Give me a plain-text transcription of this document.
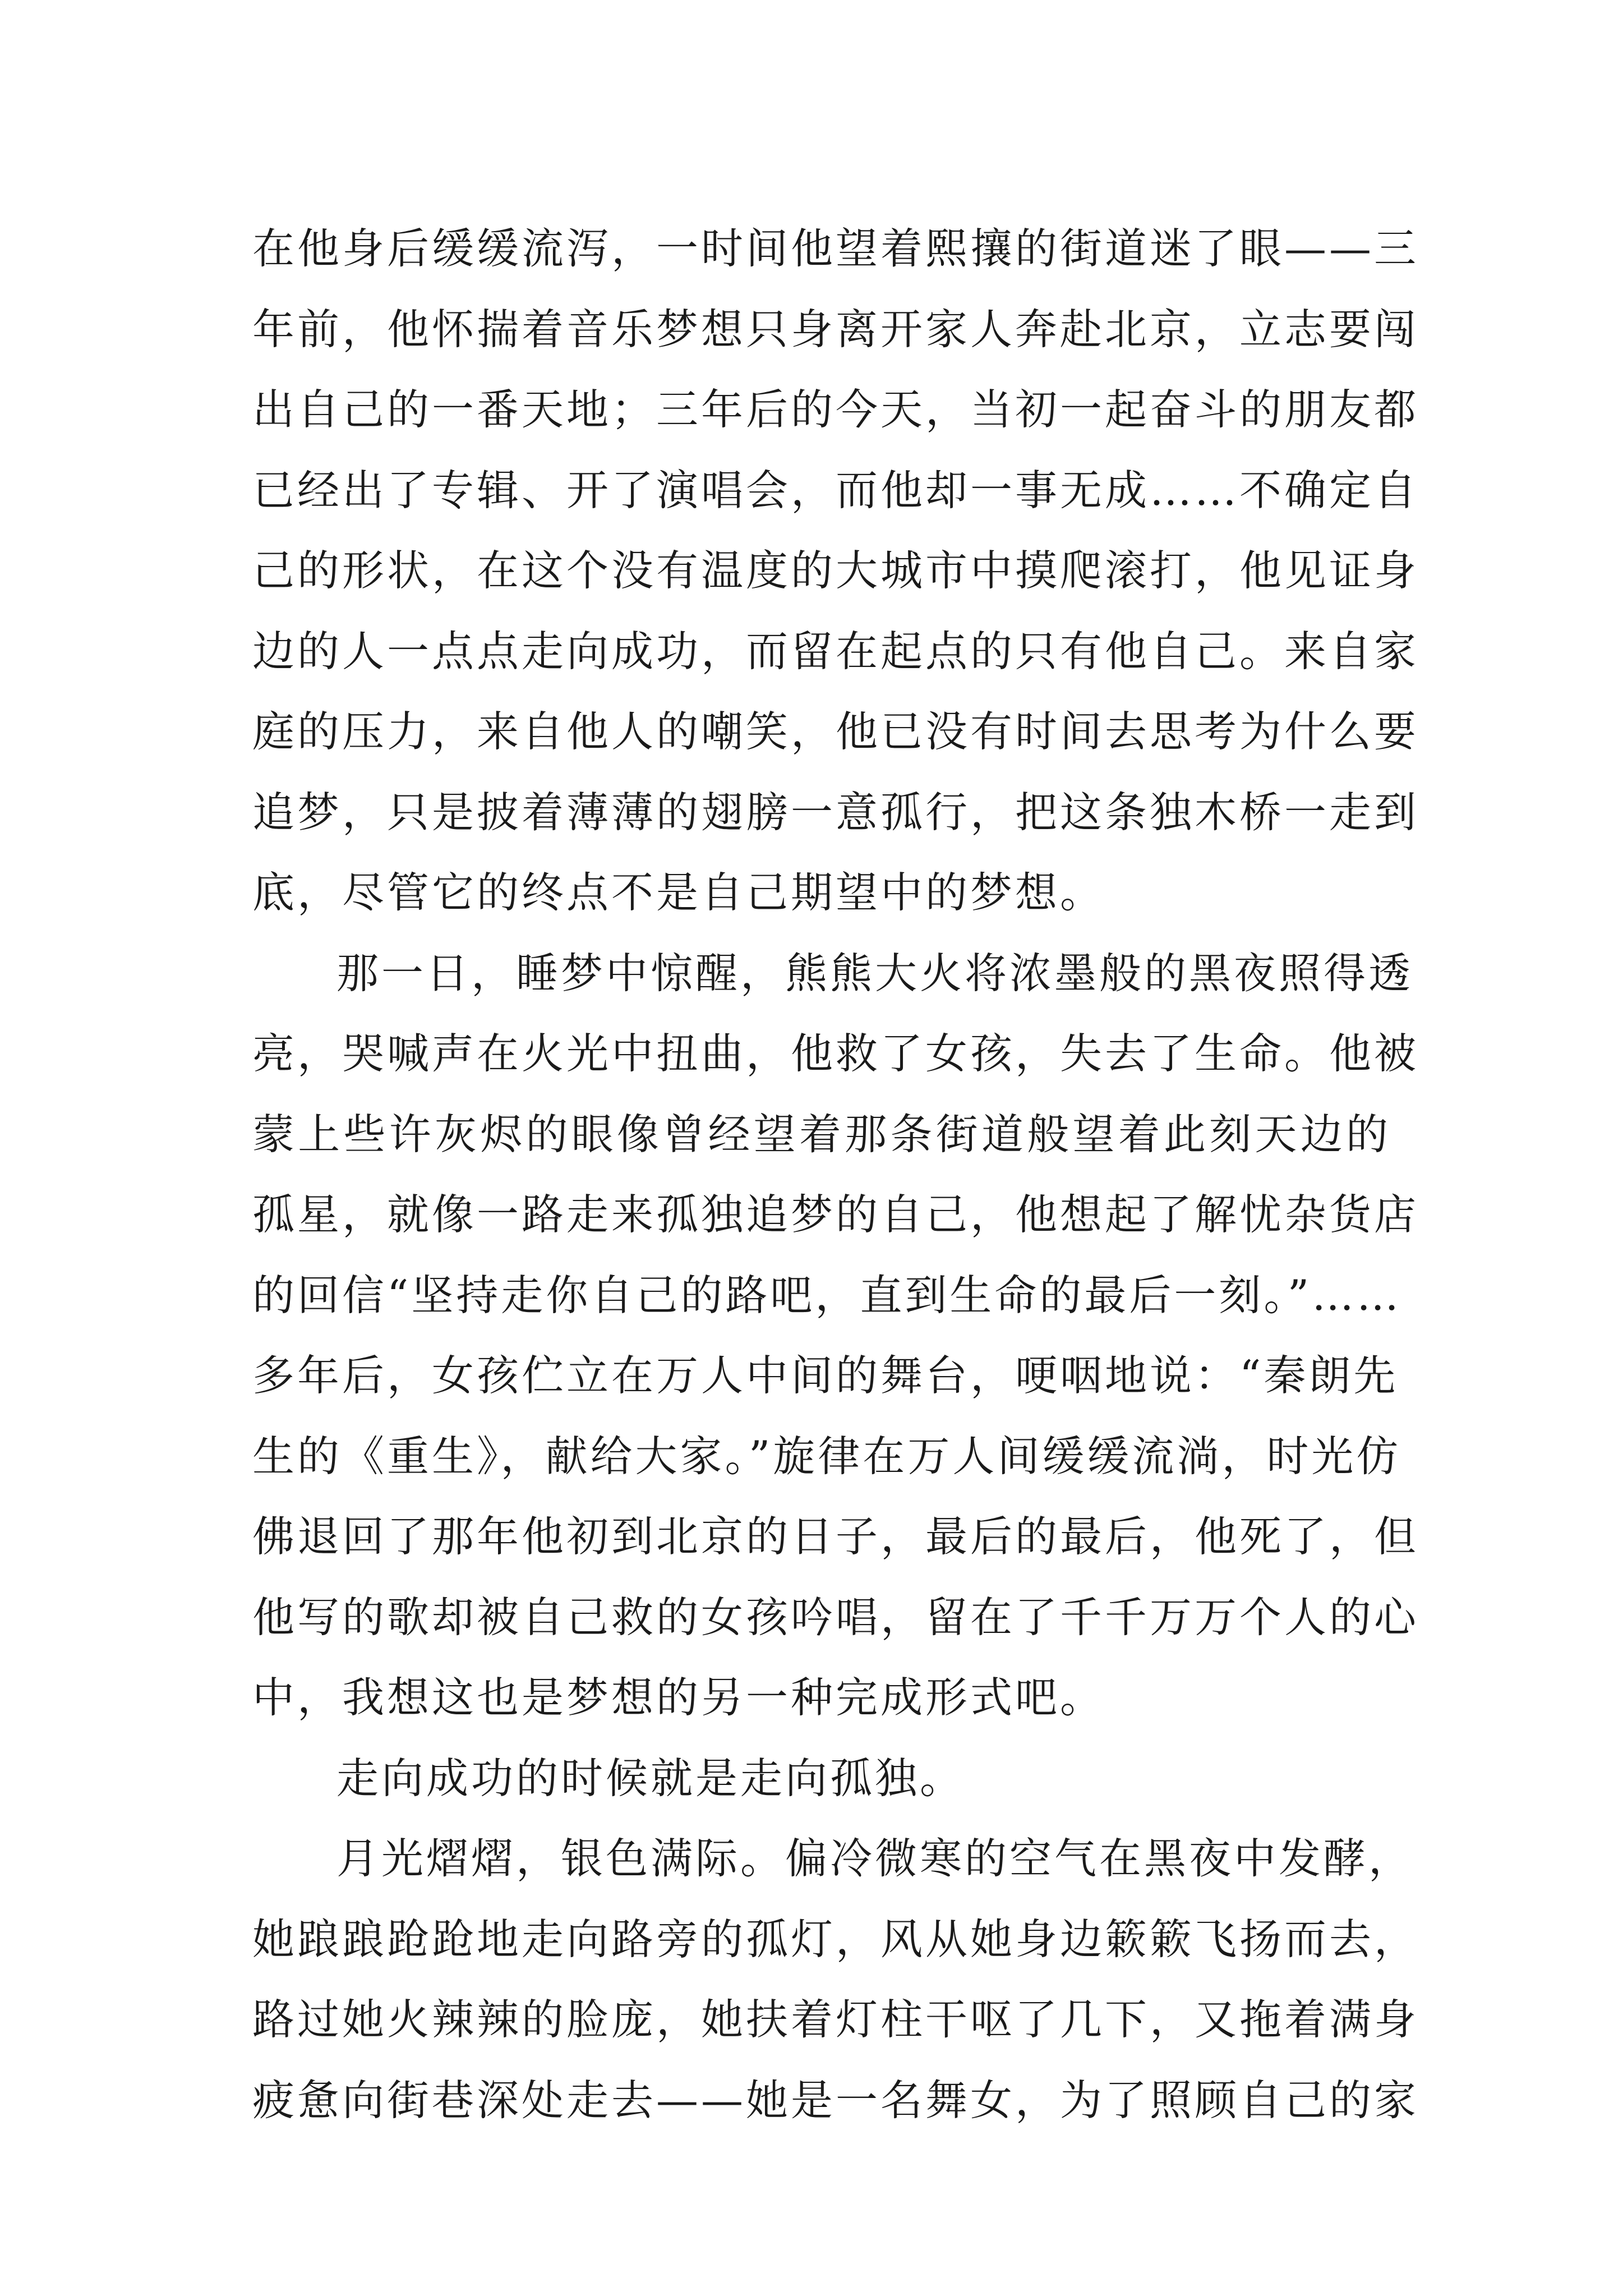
在他身后缓缓流泻，一时间他望着熙攘的街道迷了眼——三
年前，他怀揣着音乐梦想只身离开家人奔赴北京，立志要闯
出自己的一番天地；三年后的今天，当初一起奋斗的朋友都
已经出了专辑、开了演唱会，而他却一事无成……不确定自
己的形状，在这个没有温度的大城市中摸爬滚打，他见证身
边的人一点点走向成功，而留在起点的只有他自己。来自家
庭的压力，来自他人的嘲笑，他已没有时间去思考为什么要
追梦，只是披着薄薄的翅膀一意孤行，把这条独木桥一走到
底，尽管它的终点不是自己期望中的梦想。
那一日，睡梦中惊醒，熊熊大火将浓墨般的黑夜照得透
亮，哭喊声在火光中扭曲，他救了女孩，失去了生命。他被
蒙上些许灰烬的眼像曾经望着那条街道般望着此刻天边的
孤星，就像一路走来孤独追梦的自己，他想起了解忧杂货店
的回信“坚持走你自己的路吧，直到生命的最后一刻。”……
多年后，女孩伫立在万人中间的舞台，哽咽地说：“秦朗先
生的《重生》，献给大家。”旋律在万人间缓缓流淌，时光仿
佛退回了那年他初到北京的日子，最后的最后，他死了，但
他写的歌却被自己救的女孩吟唱，留在了千千万万个人的心
中，我想这也是梦想的另一种完成形式吧。
走向成功的时候就是走向孤独。
月光熠熠，银色满际。偏冷微寒的空气在黑夜中发酵，
她踉踉跄跄地走向路旁的孤灯，风从她身边簌簌飞扬而去，
路过她火辣辣的脸庞，她扶着灯柱干呕了几下，又拖着满身
疲惫向街巷深处走去——她是一名舞女，为了照顾自己的家
